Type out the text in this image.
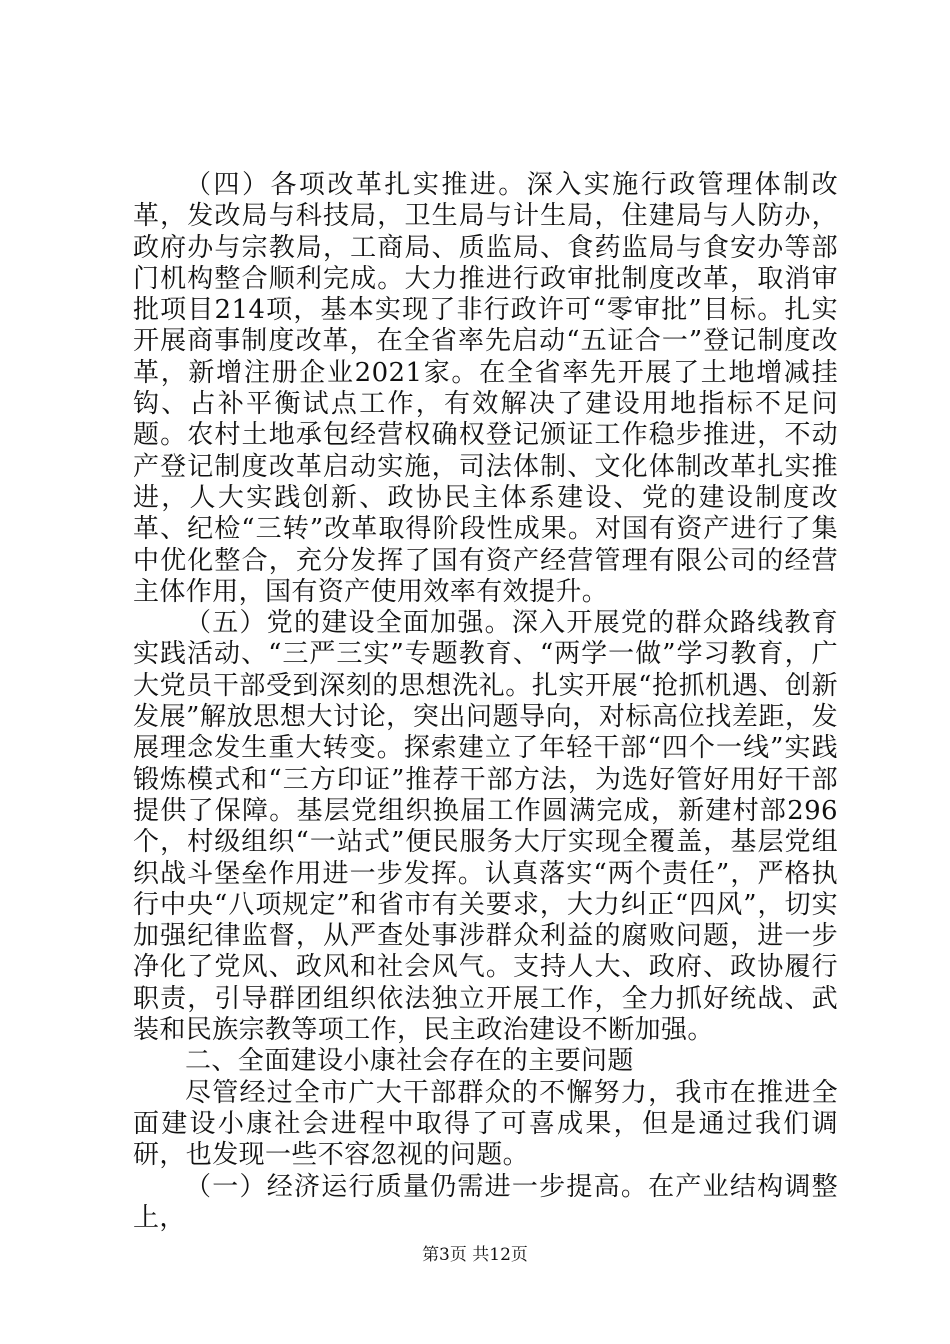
（四）各项改革扎实推进。深入实施行政管理体制改革，发改局与科技局，卫生局与计生局，住建局与人防办，政府办与宗教局，工商局、质监局、食药监局与食安办等部门机构整合顺利完成。大力推进行政审批制度改革，取消审批项目214项，基本实现了非行政许可“零审批”目标。扎实开展商事制度改革，在全省率先启动“五证合一”登记制度改革，新增注册企业2021家。在全省率先开展了土地增减挂钩、占补平衡试点工作，有效解决了建设用地指标不足问题。农村土地承包经营权确权登记颁证工作稳步推进，不动产登记制度改革启动实施，司法体制、文化体制改革扎实推进，人大实践创新、政协民主体系建设、党的建设制度改革、纪检“三转”改革取得阶段性成果。对国有资产进行了集中优化整合，充分发挥了国有资产经营管理有限公司的经营主体作用，国有资产使用效率有效提升。

（五）党的建设全面加强。深入开展党的群众路线教育实践活动、“三严三实”专题教育、“两学一做”学习教育，广大党员干部受到深刻的思想洗礼。扎实开展“抢抓机遇、创新发展”解放思想大讨论，突出问题导向，对标高位找差距，发展理念发生重大转变。探索建立了年轻干部“四个一线”实践锻炼模式和“三方印证”推荐干部方法，为选好管好用好干部提供了保障。基层党组织换届工作圆满完成，新建村部296个，村级组织“一站式”便民服务大厅实现全覆盖，基层党组织战斗堡垒作用进一步发挥。认真落实“两个责任”，严格执行中央“八项规定”和省市有关要求，大力纠正“四风”，切实加强纪律监督，从严查处事涉群众利益的腐败问题，进一步净化了党风、政风和社会风气。支持人大、政府、政协履行职责，引导群团组织依法独立开展工作，全力抓好统战、武装和民族宗教等项工作，民主政治建设不断加强。

二、全面建设小康社会存在的主要问题

尽管经过全市广大干部群众的不懈努力，我市在推进全面建设小康社会进程中取得了可喜成果，但是通过我们调研，也发现一些不容忽视的问题。

（一）经济运行质量仍需进一步提高。在产业结构调整上，

第3页 共12页
